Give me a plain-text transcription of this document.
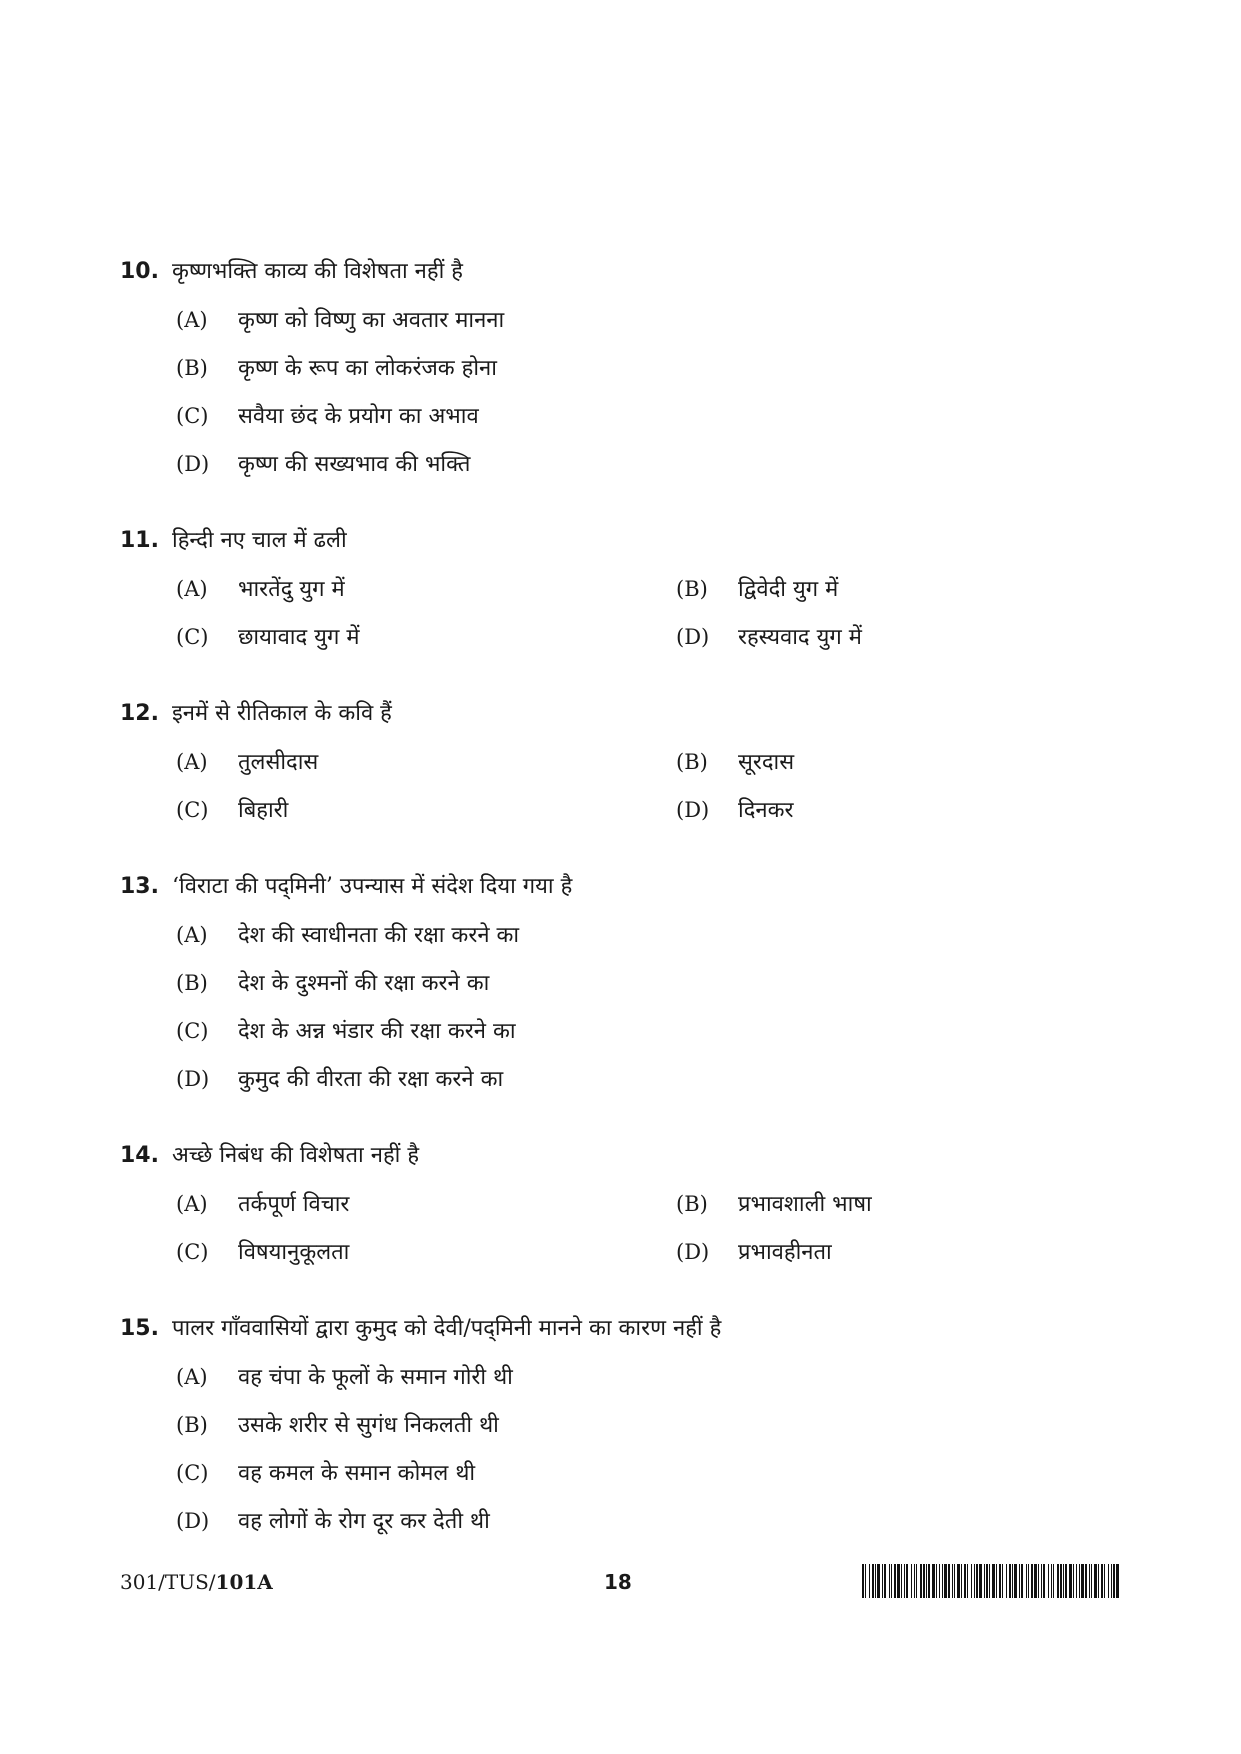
10. कृष्णभक्ति काव्य की विशेषता नहीं है
(A)	कृष्ण को विष्णु का अवतार मानना
(B)	कृष्ण के रूप का लोकरंजक होना
(C)	सवैया छंद के प्रयोग का अभाव
(D)	कृष्ण की सख्यभाव की भक्ति
11. हिन्दी नए चाल में ढली
(A)	भारतेंदु युग में	(B)	द्विवेदी युग में
(C)	छायावाद युग में	(D)	रहस्यवाद युग में
12. इनमें से रीतिकाल के कवि हैं
(A)	तुलसीदास	(B)	सूरदास
(C)	बिहारी	(D)	दिनकर
13. ‘विराटा की पद्‌मिनी’ उपन्यास में संदेश दिया गया है
(A)	देश की स्वाधीनता की रक्षा करने का
(B)	देश के दुश्मनों की रक्षा करने का
(C)	देश के अन्न भंडार की रक्षा करने का
(D)	कुमुद की वीरता की रक्षा करने का
14. अच्छे निबंध की विशेषता नहीं है
(A)	तर्कपूर्ण विचार	(B)	प्रभावशाली भाषा
(C)	विषयानुकूलता	(D)	प्रभावहीनता
15. पालर गाँववासियों द्वारा कुमुद को देवी/पद्‌मिनी मानने का कारण नहीं है
(A)	वह चंपा के फूलों के समान गोरी थी
(B)	उसके शरीर से सुगंध निकलती थी
(C)	वह कमल के समान कोमल थी
(D)	वह लोगों के रोग दूर कर देती थी
301/TUS/101A	18
